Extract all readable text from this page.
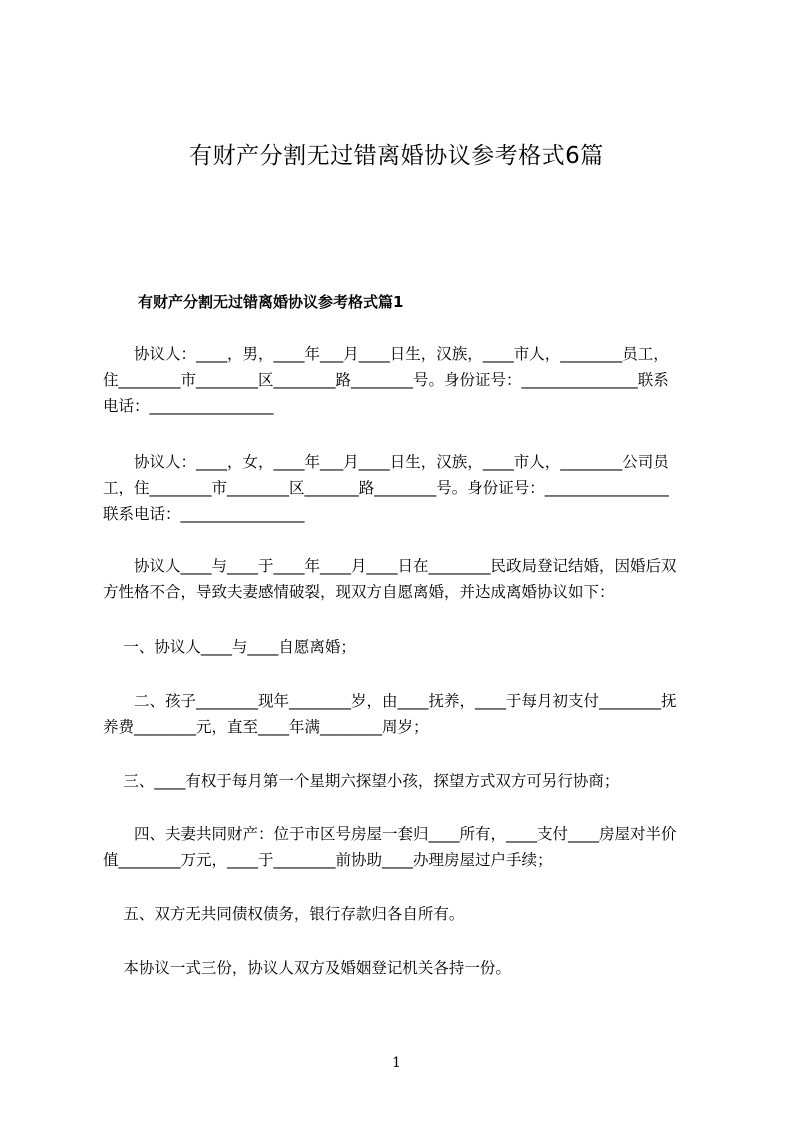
有财产分割无过错离婚协议参考格式6篇
有财产分割无过错离婚协议参考格式篇1
　　协议人：____，男，____年___月____日生，汉族，____市人，________员工，
住________市________区________路________号。身份证号：_______________联系
电话：________________
　　协议人：____，女，____年___月____日生，汉族，____市人，________公司员
工，住________市________区_______路________号。身份证号：________________
联系电话：________________
　　协议人____与____于____年____月____日在________民政局登记结婚，因婚后双
方性格不合，导致夫妻感情破裂，现双方自愿离婚，并达成离婚协议如下：
　 一、协议人____与____自愿离婚；
　　二、孩子________现年________岁，由____抚养，____于每月初支付________抚
养费________元，直至____年满________周岁；
　 三、____有权于每月第一个星期六探望小孩，探望方式双方可另行协商；
　　四、夫妻共同财产：位于市区号房屋一套归____所有，____支付____房屋对半价
值________万元，____于________前协助____办理房屋过户手续；
　 五、双方无共同债权债务，银行存款归各自所有。
　 本协议一式三份，协议人双方及婚姻登记机关各持一份。
1
